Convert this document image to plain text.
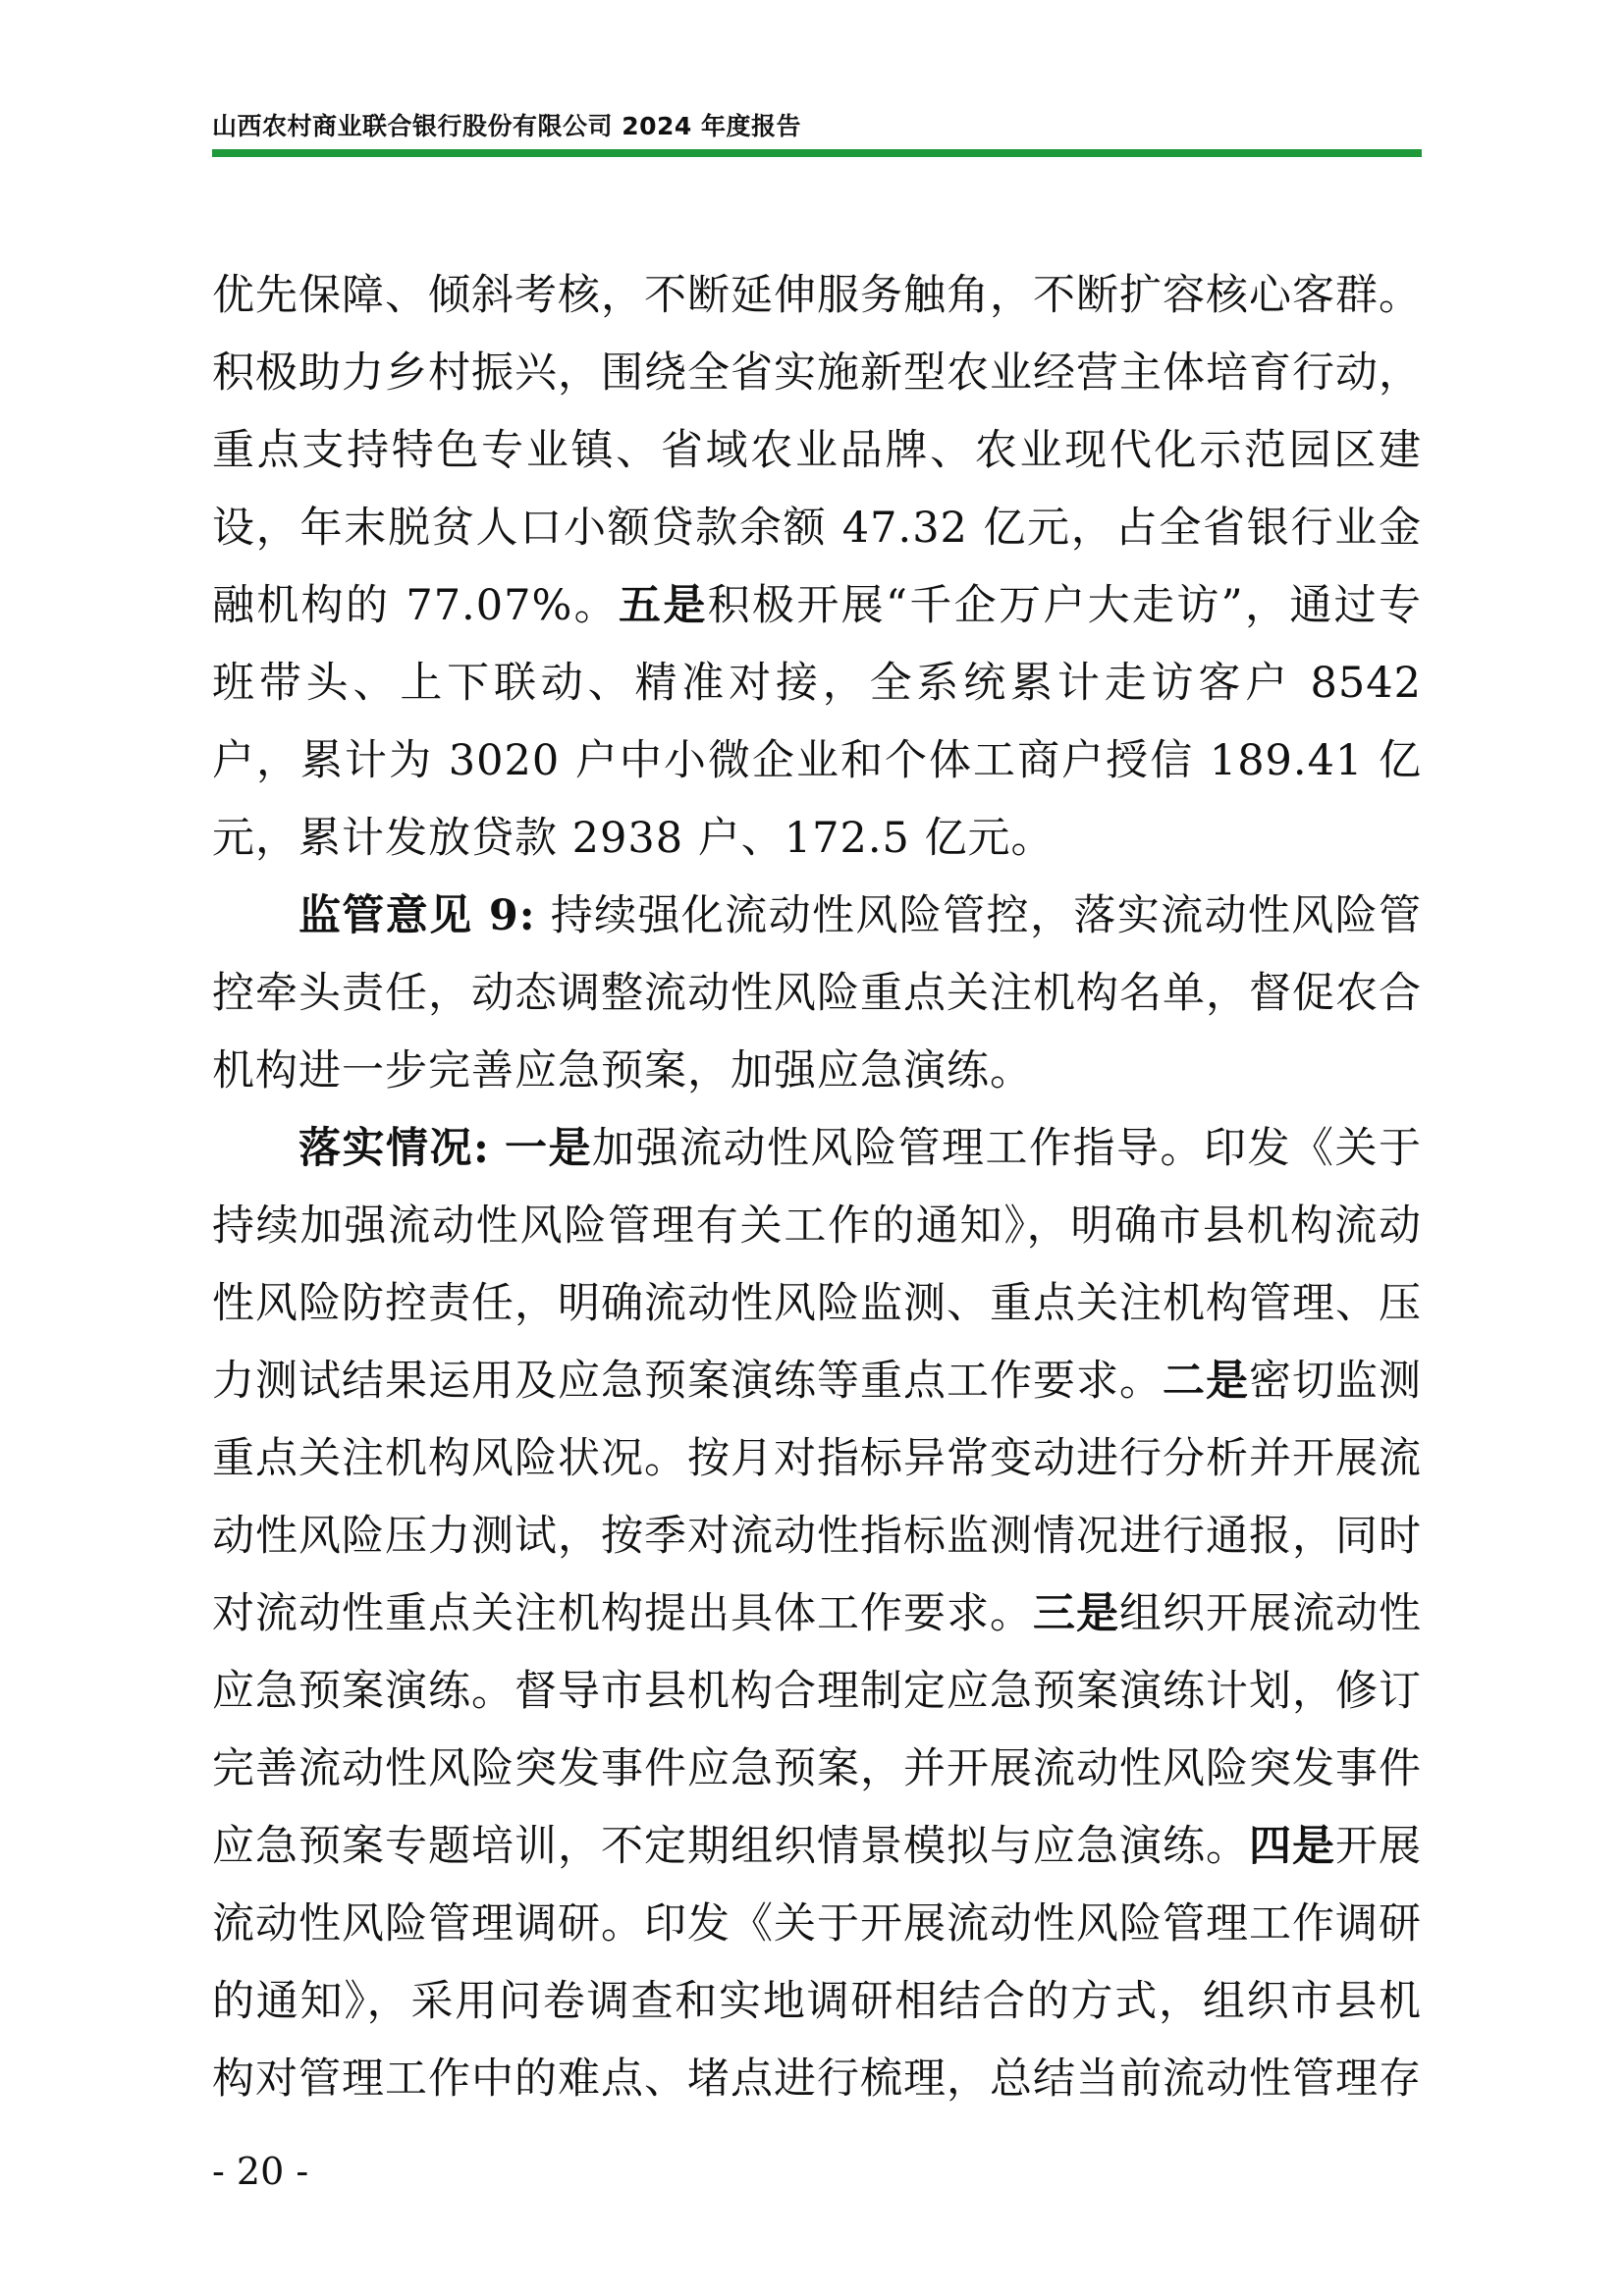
山西农村商业联合银行股份有限公司 2024 年度报告

优先保障、倾斜考核，不断延伸服务触角，不断扩容核心客群。积极助力乡村振兴，围绕全省实施新型农业经营主体培育行动，重点支持特色专业镇、省域农业品牌、农业现代化示范园区建设，年末脱贫人口小额贷款余额 47.32 亿元，占全省银行业金融机构的 77.07%。五是积极开展“千企万户大走访”，通过专班带头、上下联动、精准对接，全系统累计走访客户 8542 户，累计为 3020 户中小微企业和个体工商户授信 189.41 亿元，累计发放贷款 2938 户、172.5 亿元。

监管意见 9: 持续强化流动性风险管控，落实流动性风险管控牵头责任，动态调整流动性风险重点关注机构名单，督促农合机构进一步完善应急预案，加强应急演练。

落实情况: 一是加强流动性风险管理工作指导。印发《关于持续加强流动性风险管理有关工作的通知》，明确市县机构流动性风险防控责任，明确流动性风险监测、重点关注机构管理、压力测试结果运用及应急预案演练等重点工作要求。二是密切监测重点关注机构风险状况。按月对指标异常变动进行分析并开展流动性风险压力测试，按季对流动性指标监测情况进行通报，同时对流动性重点关注机构提出具体工作要求。三是组织开展流动性应急预案演练。督导市县机构合理制定应急预案演练计划，修订完善流动性风险突发事件应急预案，并开展流动性风险突发事件应急预案专题培训，不定期组织情景模拟与应急演练。四是开展流动性风险管理调研。印发《关于开展流动性风险管理工作调研的通知》，采用问卷调查和实地调研相结合的方式，组织市县机构对管理工作中的难点、堵点进行梳理，总结当前流动性管理存

- 20 -
